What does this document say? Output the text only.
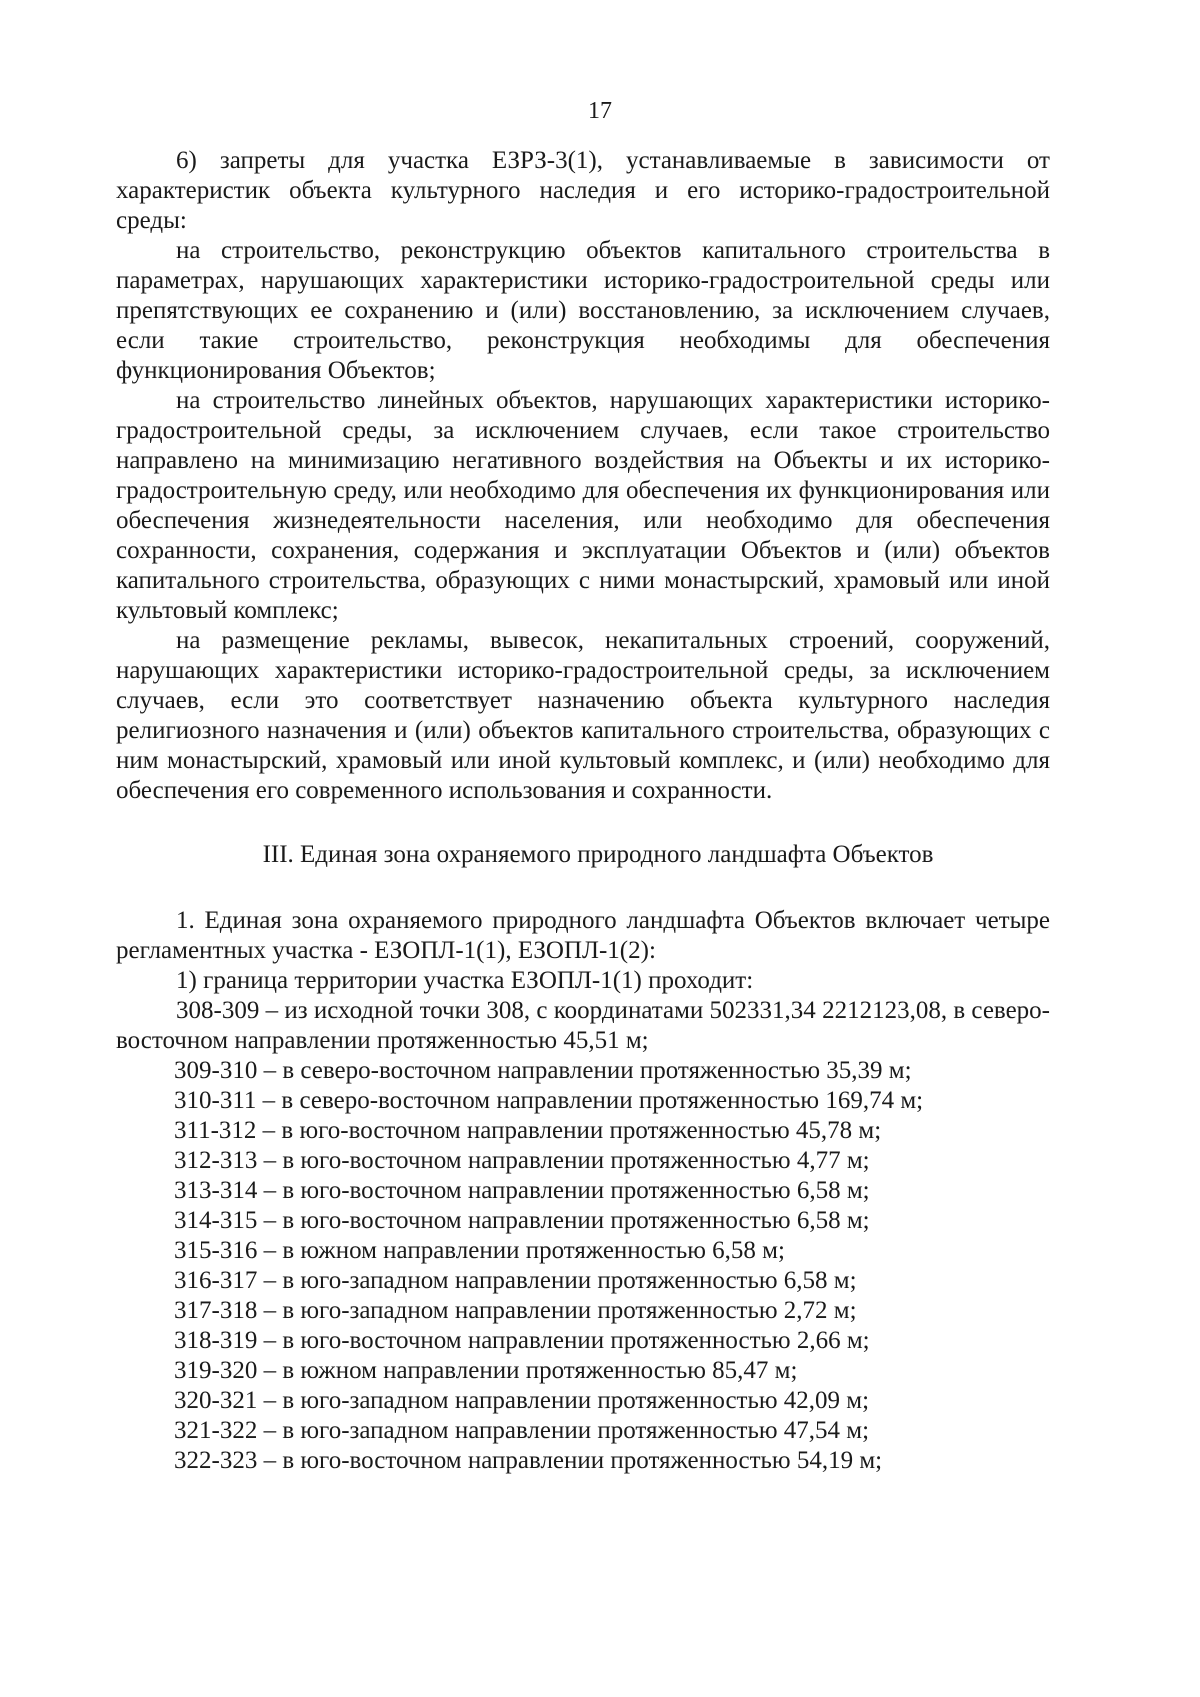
17

6) запреты для участка ЕЗРЗ-3(1), устанавливаемые в зависимости от характеристик объекта культурного наследия и его историко-градостроительной среды:

на строительство, реконструкцию объектов капитального строительства в параметрах, нарушающих характеристики историко-градостроительной среды или препятствующих ее сохранению и (или) восстановлению, за исключением случаев, если такие строительство, реконструкция необходимы для обеспечения функционирования Объектов;

на строительство линейных объектов, нарушающих характеристики историко-градостроительной среды, за исключением случаев, если такое строительство направлено на минимизацию негативного воздействия на Объекты и их историко-градостроительную среду, или необходимо для обеспечения их функционирования или обеспечения жизнедеятельности населения, или необходимо для обеспечения сохранности, сохранения, содержания и эксплуатации Объектов и (или) объектов капитального строительства, образующих с ними монастырский, храмовый или иной культовый комплекс;

на размещение рекламы, вывесок, некапитальных строений, сооружений, нарушающих характеристики историко-градостроительной среды, за исключением случаев, если это соответствует назначению объекта культурного наследия религиозного назначения и (или) объектов капитального строительства, образующих с ним монастырский, храмовый или иной культовый комплекс, и (или) необходимо для обеспечения его современного использования и сохранности.

III. Единая зона охраняемого природного ландшафта Объектов

1. Единая зона охраняемого природного ландшафта Объектов включает четыре регламентных участка - ЕЗОПЛ-1(1), ЕЗОПЛ-1(2):

1) граница территории участка ЕЗОПЛ-1(1) проходит:

308-309 – из исходной точки 308, с координатами 502331,34 2212123,08, в северо- восточном направлении протяженностью 45,51 м;

309-310 – в северо-восточном направлении протяженностью 35,39 м;

310-311 – в северо-восточном направлении протяженностью 169,74 м;

311-312 – в юго-восточном направлении протяженностью 45,78 м;

312-313 – в юго-восточном направлении протяженностью 4,77 м;

313-314 – в юго-восточном направлении протяженностью 6,58 м;

314-315 – в юго-восточном направлении протяженностью 6,58 м;

315-316 – в южном направлении протяженностью 6,58 м;

316-317 – в юго-западном направлении протяженностью 6,58 м;

317-318 – в юго-западном направлении протяженностью 2,72 м;

318-319 – в юго-восточном направлении протяженностью 2,66 м;

319-320 – в южном направлении протяженностью 85,47 м;

320-321 – в юго-западном направлении протяженностью 42,09 м;

321-322 – в юго-западном направлении протяженностью 47,54 м;

322-323 – в юго-восточном направлении протяженностью 54,19 м;
